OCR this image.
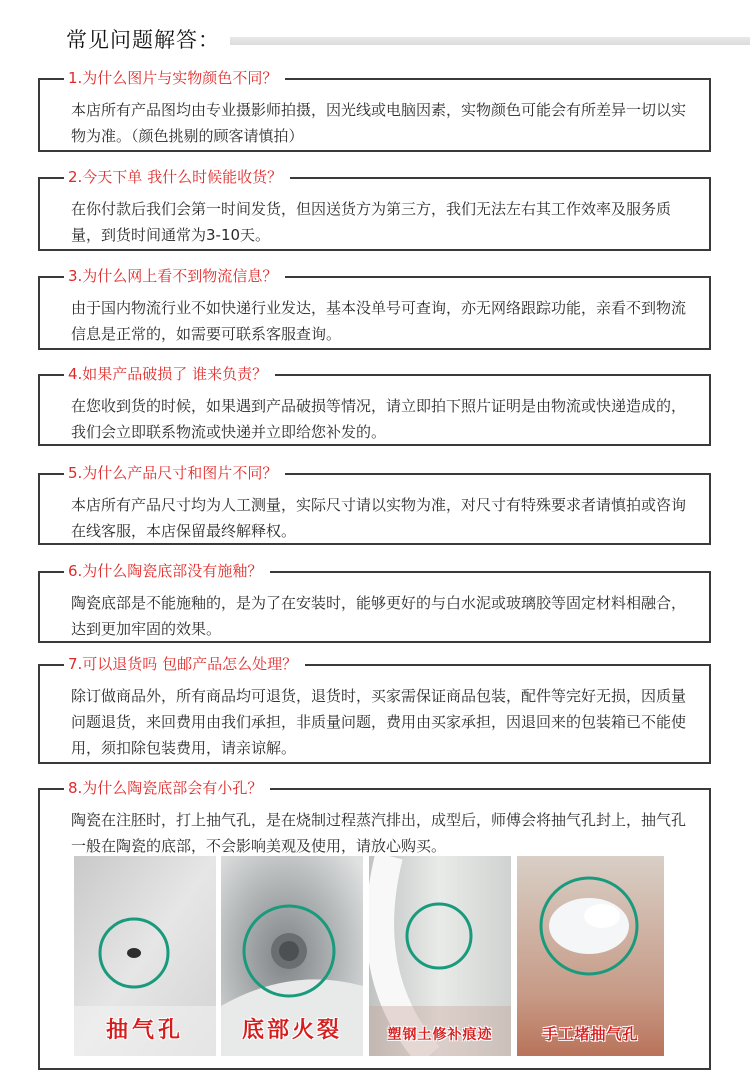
常见问题解答：
1.为什么图片与实物颜色不同？
本店所有产品图均由专业摄影师拍摄，因光线或电脑因素，实物颜色可能会有所差异一切以实物为准。（颜色挑剔的顾客请慎拍）
2.今天下单 我什么时候能收货？
在你付款后我们会第一时间发货，但因送货方为第三方，我们无法左右其工作效率及服务质量，到货时间通常为3-10天。
3.为什么网上看不到物流信息？
由于国内物流行业不如快递行业发达，基本没单号可查询，亦无网络跟踪功能，亲看不到物流信息是正常的，如需要可联系客服查询。
4.如果产品破损了 谁来负责？
在您收到货的时候，如果遇到产品破损等情况，请立即拍下照片证明是由物流或快递造成的，我们会立即联系物流或快递并立即给您补发的。
5.为什么产品尺寸和图片不同？
本店所有产品尺寸均为人工测量，实际尺寸请以实物为准，对尺寸有特殊要求者请慎拍或咨询在线客服，本店保留最终解释权。
6.为什么陶瓷底部没有施釉？
陶瓷底部是不能施釉的，是为了在安装时，能够更好的与白水泥或玻璃胶等固定材料相融合，达到更加牢固的效果。
7.可以退货吗 包邮产品怎么处理？
除订做商品外，所有商品均可退货，退货时，买家需保证商品包装，配件等完好无损，因质量问题退货，来回费用由我们承担，非质量问题，费用由买家承担，因退回来的包装箱已不能使用，须扣除包装费用，请亲谅解。
8.为什么陶瓷底部会有小孔？
陶瓷在注胚时，打上抽气孔，是在烧制过程蒸汽排出，成型后，师傅会将抽气孔封上，抽气孔一般在陶瓷的底部，不会影响美观及使用，请放心购买。
抽气孔	底部火裂	塑钢土修补痕迹	手工堵抽气孔
